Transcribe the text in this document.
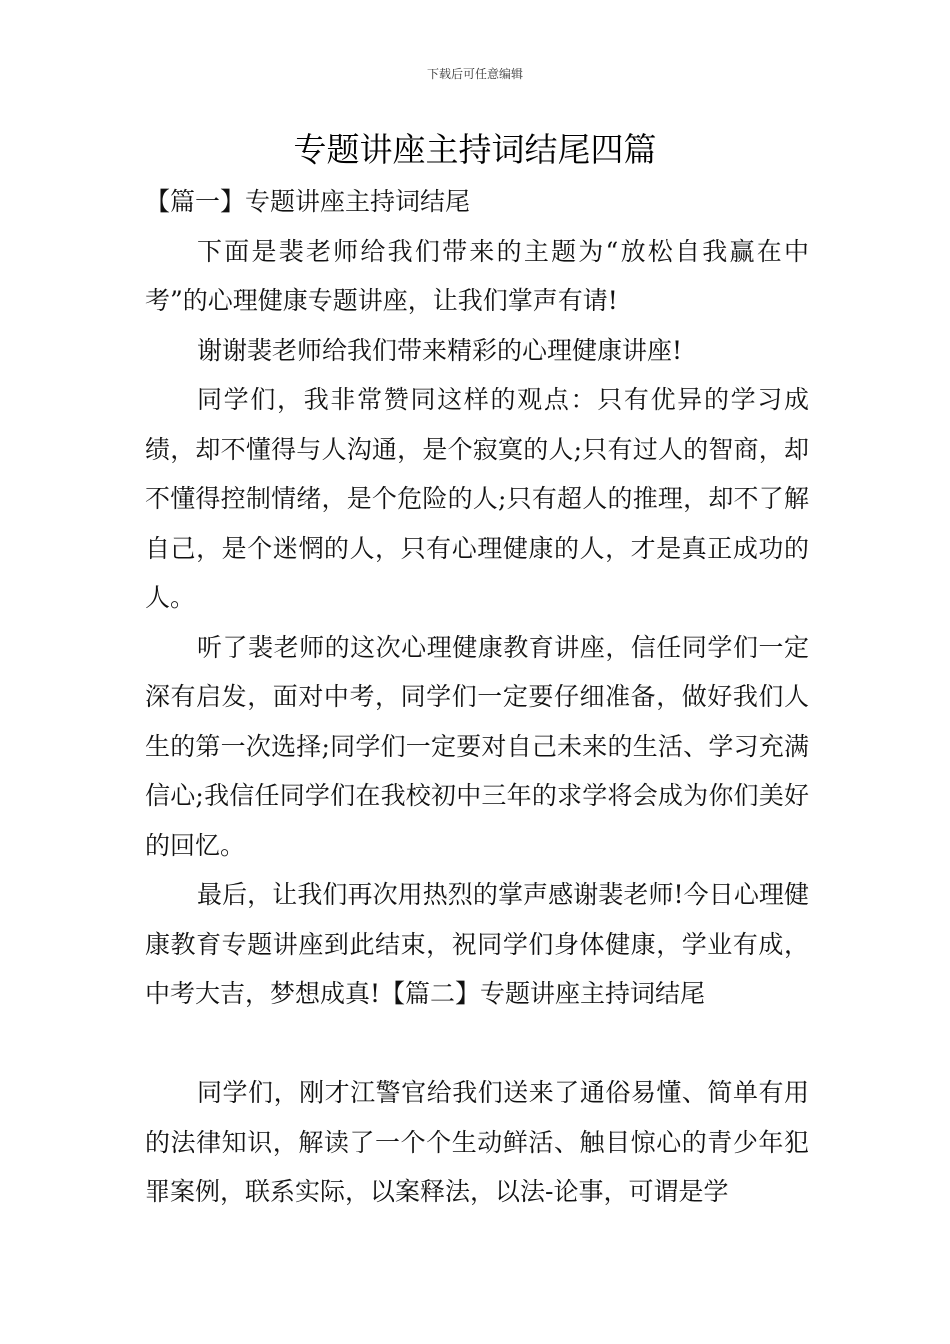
下载后可任意编辑
专题讲座主持词结尾四篇

【篇一】专题讲座主持词结尾

下面是裴老师给我们带来的主题为“放松自我赢在中考”的心理健康专题讲座，让我们掌声有请!

谢谢裴老师给我们带来精彩的心理健康讲座!

同学们，我非常赞同这样的观点：只有优异的学习成绩，却不懂得与人沟通，是个寂寞的人;只有过人的智商，却不懂得控制情绪，是个危险的人;只有超人的推理，却不了解自己，是个迷惘的人，只有心理健康的人，才是真正成功的人。

听了裴老师的这次心理健康教育讲座，信任同学们一定深有启发，面对中考，同学们一定要仔细准备，做好我们人生的第一次选择;同学们一定要对自己未来的生活、学习充满信心;我信任同学们在我校初中三年的求学将会成为你们美好的回忆。

最后，让我们再次用热烈的掌声感谢裴老师!今日心理健康教育专题讲座到此结束，祝同学们身体健康，学业有成，中考大吉，梦想成真!【篇二】专题讲座主持词结尾

同学们，刚才江警官给我们送来了通俗易懂、简单有用的法律知识，解读了一个个生动鲜活、触目惊心的青少年犯罪案例，联系实际，以案释法，以法-论事，可谓是学
